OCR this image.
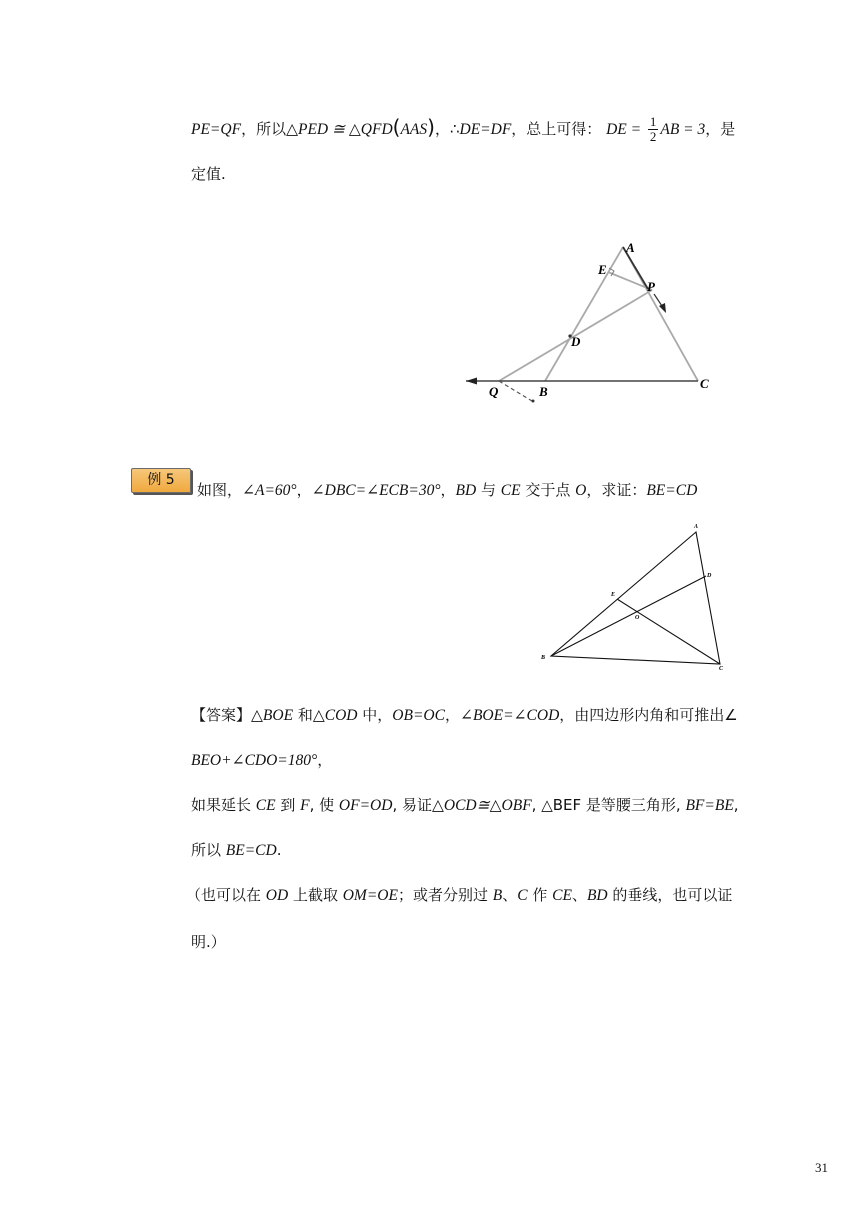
PE=QF，所以△PED ≅ △QFD(AAS)，∴DE=DF，总上可得： DE = $\frac{1}{2}$ AB = 3，是
定值.
A
E
P
D
Q	B
C
例 5
如图，∠A=60°，∠DBC=∠ECB=30°，BD 与 CE 交于点 O，求证：BE=CD
A
D
E
O
B
C
【答案】△BOE 和△COD 中，OB=OC，∠BOE=∠COD，由四边形内角和可推出∠
BEO+∠CDO=180°，
如果延长 CE 到 F, 使 OF=OD, 易证△OCD≅△OBF, △BEF 是等腰三角形, BF=BE,
所以 BE=CD.
（也可以在 OD 上截取 OM=OE；或者分别过 B、C 作 CE、BD 的垂线，也可以证
明.）
31
